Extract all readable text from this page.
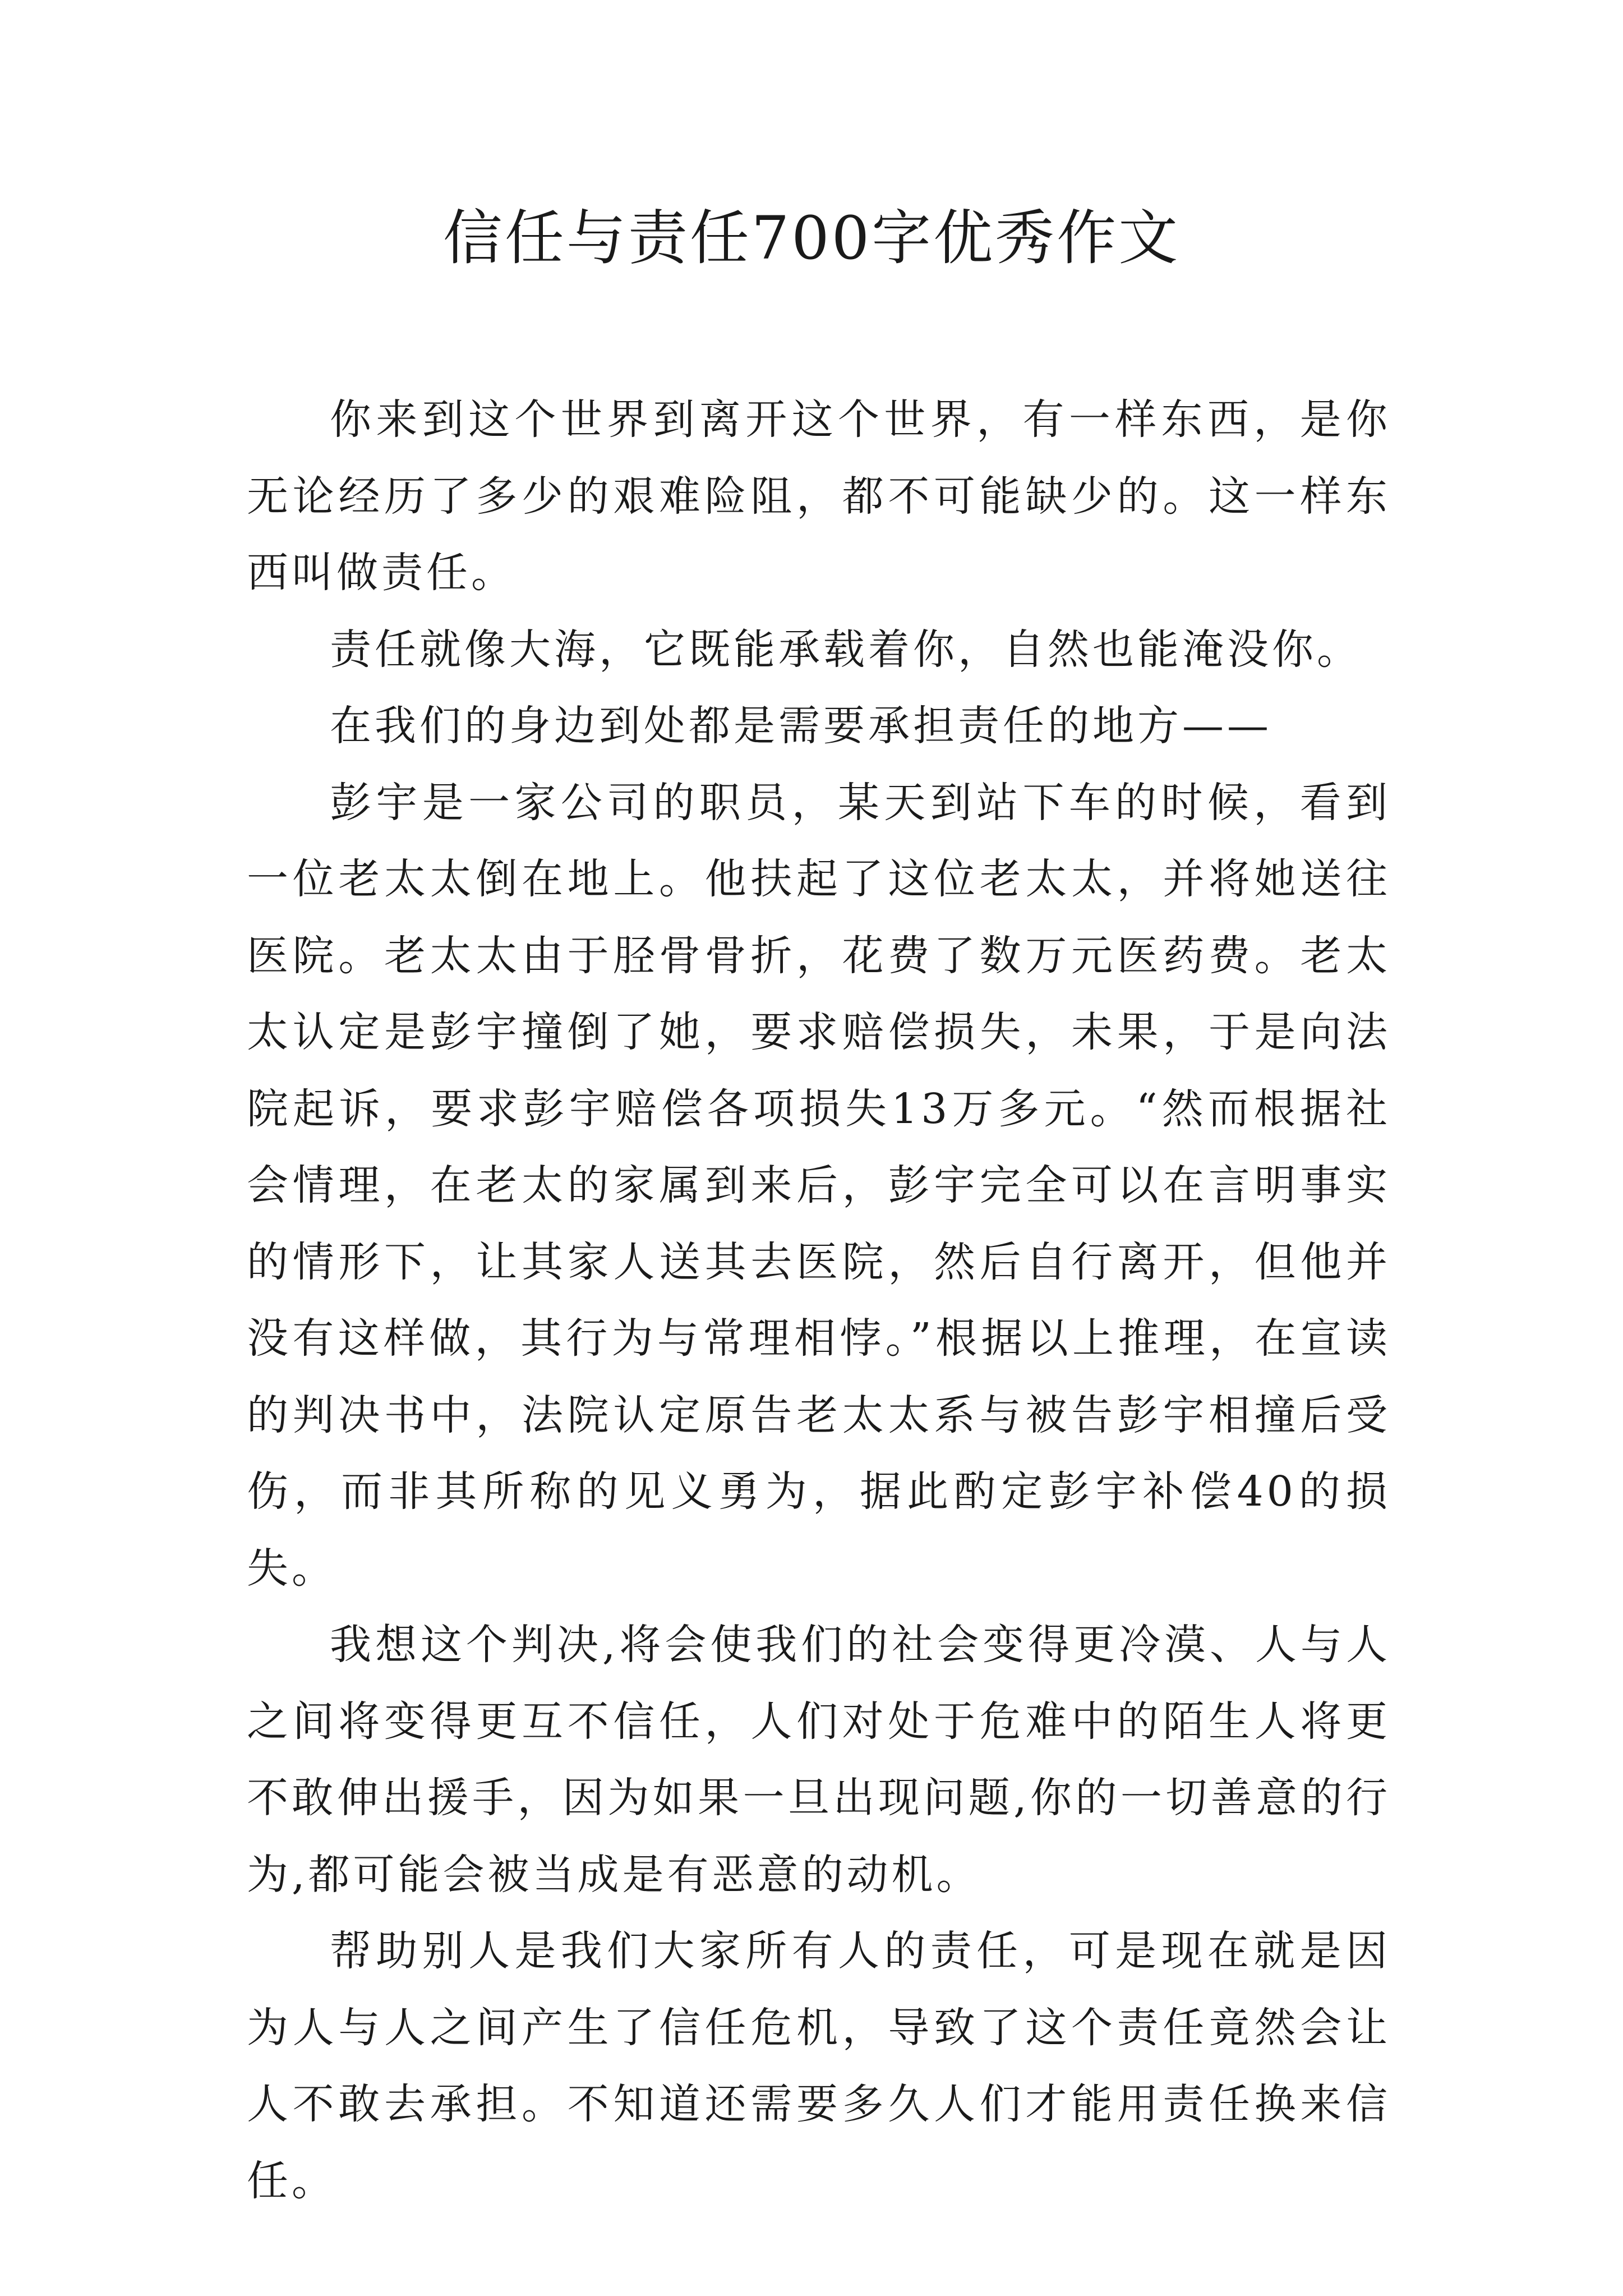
信任与责任700字优秀作文

你来到这个世界到离开这个世界，有一样东西，是你无论经历了多少的艰难险阻，都不可能缺少的。这一样东西叫做责任。

责任就像大海，它既能承载着你，自然也能淹没你。

在我们的身边到处都是需要承担责任的地方——

彭宇是一家公司的职员，某天到站下车的时候，看到一位老太太倒在地上。他扶起了这位老太太，并将她送往医院。老太太由于胫骨骨折，花费了数万元医药费。老太太认定是彭宇撞倒了她，要求赔偿损失，未果，于是向法院起诉，要求彭宇赔偿各项损失13万多元。“然而根据社会情理，在老太的家属到来后，彭宇完全可以在言明事实的情形下，让其家人送其去医院，然后自行离开，但他并没有这样做，其行为与常理相悖。”根据以上推理，在宣读的判决书中，法院认定原告老太太系与被告彭宇相撞后受伤，而非其所称的见义勇为，据此酌定彭宇补偿40的损失。

我想这个判决,将会使我们的社会变得更冷漠、人与人之间将变得更互不信任，人们对处于危难中的陌生人将更不敢伸出援手，因为如果一旦出现问题,你的一切善意的行为,都可能会被当成是有恶意的动机。

帮助别人是我们大家所有人的责任，可是现在就是因为人与人之间产生了信任危机，导致了这个责任竟然会让人不敢去承担。不知道还需要多久人们才能用责任换来信任。
